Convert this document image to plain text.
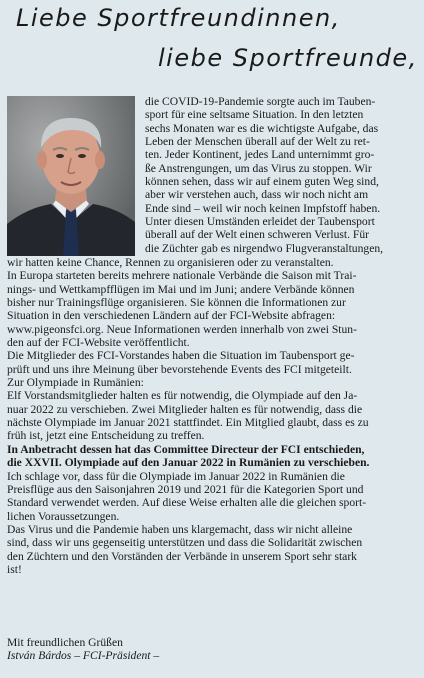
Liebe Sportfreundinnen,
liebe Sportfreunde,
die COVID-19-Pandemie sorgte auch im Tauben-
sport für eine seltsame Situation. In den letzten
sechs Monaten war es die wichtigste Aufgabe, das
Leben der Menschen überall auf der Welt zu ret-
ten. Jeder Kontinent, jedes Land unternimmt gro-
ße Anstrengungen, um das Virus zu stoppen. Wir
können sehen, dass wir auf einem guten Weg sind,
aber wir verstehen auch, dass wir noch nicht am
Ende sind – weil wir noch keinen Impfstoff haben.
Unter diesen Umständen erleidet der Taubensport
überall auf der Welt einen schweren Verlust. Für
die Züchter gab es nirgendwo Flugveranstaltungen,
wir hatten keine Chance, Rennen zu organisieren oder zu veranstalten.
In Europa starteten bereits mehrere nationale Verbände die Saison mit Trai-
nings- und Wettkampfflügen im Mai und im Juni; andere Verbände können
bisher nur Trainingsflüge organisieren. Sie können die Informationen zur
Situation in den verschiedenen Ländern auf der FCI-Website abfragen:
www.pigeonsfci.org. Neue Informationen werden innerhalb von zwei Stun-
den auf der FCI-Website veröffentlicht.
Die Mitglieder des FCI-Vorstandes haben die Situation im Taubensport ge-
prüft und uns ihre Meinung über bevorstehende Events des FCI mitgeteilt.
Zur Olympiade in Rumänien:
Elf Vorstandsmitglieder halten es für notwendig, die Olympiade auf den Ja-
nuar 2022 zu verschieben. Zwei Mitglieder halten es für notwendig, dass die
nächste Olympiade im Januar 2021 stattfindet. Ein Mitglied glaubt, dass es zu
früh ist, jetzt eine Entscheidung zu treffen.
In Anbetracht dessen hat das Committee Directeur der FCI entschieden,
die XXVII. Olympiade auf den Januar 2022 in Rumänien zu verschieben.
Ich schlage vor, dass für die Olympiade im Januar 2022 in Rumänien die
Preisflüge aus den Saisonjahren 2019 und 2021 für die Kategorien Sport und
Standard verwendet werden. Auf diese Weise erhalten alle die gleichen sport-
lichen Voraussetzungen.
Das Virus und die Pandemie haben uns klargemacht, dass wir nicht alleine
sind, dass wir uns gegenseitig unterstützen und dass die Solidarität zwischen
den Züchtern und den Vorständen der Verbände in unserem Sport sehr stark
ist!
Mit freundlichen Grüßen
István Bárdos – FCI-Präsident –
